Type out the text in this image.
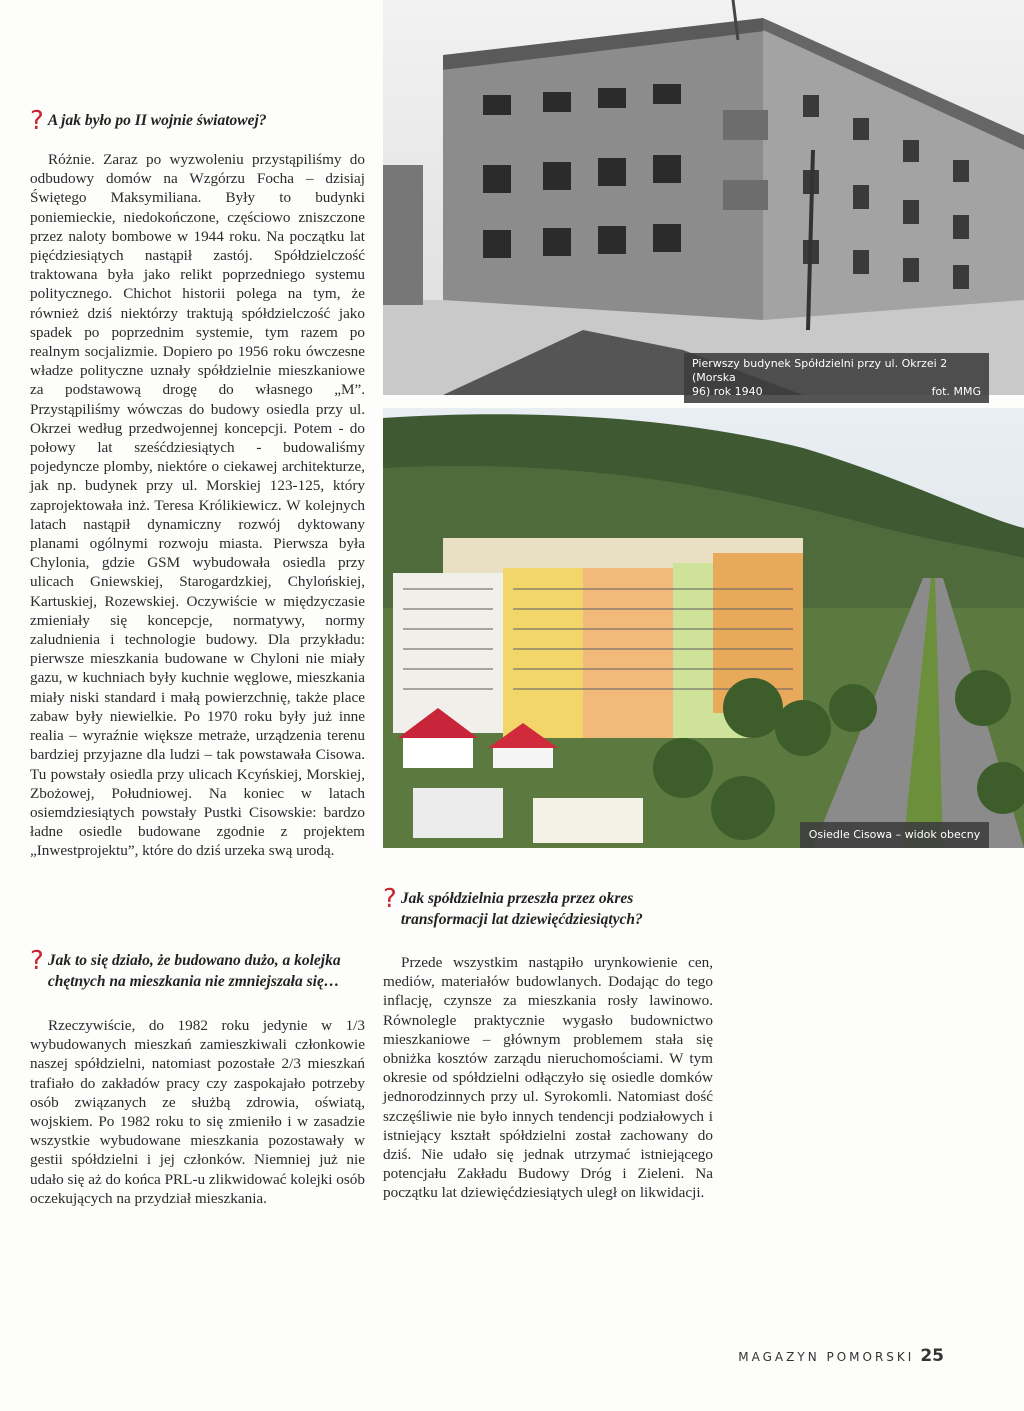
? A jak było po II wojnie światowej?

Różnie. Zaraz po wyzwoleniu przystąpiliśmy do odbudowy domów na Wzgórzu Focha – dzisiaj Świętego Maksymiliana. Były to budynki poniemieckie, niedokończone, częściowo zniszczone przez naloty bombowe w 1944 roku. Na początku lat pięćdziesiątych nastąpił zastój. Spółdzielczość traktowana była jako relikt poprzedniego systemu politycznego. Chichot historii polega na tym, że również dziś niektórzy traktują spółdzielczość jako spadek po poprzednim systemie, tym razem po realnym socjalizmie. Dopiero po 1956 roku ówczesne władze polityczne uznały spółdzielnie mieszkaniowe za podstawową drogę do własnego „M”. Przystąpiliśmy wówczas do budowy osiedla przy ul. Okrzei według przedwojennej koncepcji. Potem - do połowy lat sześćdziesiątych - budowaliśmy pojedyncze plomby, niektóre o ciekawej architekturze, jak np. budynek przy ul. Morskiej 123-125, który zaprojektowała inż. Teresa Królikiewicz. W kolejnych latach nastąpił dynamiczny rozwój dyktowany planami ogólnymi rozwoju miasta. Pierwsza była Chylonia, gdzie GSM wybudowała osiedla przy ulicach Gniewskiej, Starogardzkiej, Chylońskiej, Kartuskiej, Rozewskiej. Oczywiście w międzyczasie zmieniały się koncepcje, normatywy, normy zaludnienia i technologie budowy. Dla przykładu: pierwsze mieszkania budowane w Chyloni nie miały gazu, w kuchniach były kuchnie węglowe, mieszkania miały niski standard i małą powierzchnię, także place zabaw były niewielkie. Po 1970 roku były już inne realia – wyraźnie większe metraże, urządzenia terenu bardziej przyjazne dla ludzi – tak powstawała Cisowa. Tu powstały osiedla przy ulicach Kcyńskiej, Morskiej, Zbożowej, Południowej. Na koniec w latach osiemdziesiątych powstały Pustki Cisowskie: bardzo ładne osiedle budowane zgodnie z projektem „Inwestprojektu”, które do dziś urzeka swą urodą.

? Jak to się działo, że budowano dużo, a kolejka chętnych na mieszkania nie zmniejszała się…

Rzeczywiście, do 1982 roku jedynie w 1/3 wybudowanych mieszkań zamieszkiwali członkowie naszej spółdzielni, natomiast pozostałe 2/3 mieszkań trafiało do zakładów pracy czy zaspokajało potrzeby osób związanych ze służbą zdrowia, oświatą, wojskiem. Po 1982 roku to się zmieniło i w zasadzie wszystkie wybudowane mieszkania pozostawały w gestii spółdzielni i jej członków. Niemniej już nie udało się aż do końca PRL-u zlikwidować kolejki osób oczekujących na przydział mieszkania.

Pierwszy budynek Spółdzielni przy ul. Okrzei 2 (Morska
96) rok 1940	fot. MMG
Osiedle Cisowa – widok obecny
? Jak spółdzielnia przeszła przez okres transformacji lat dziewięćdziesiątych?

Przede wszystkim nastąpiło urynkowienie cen, mediów, materiałów budowlanych. Dodając do tego inflację, czynsze za mieszkania rosły lawinowo. Równolegle praktycznie wygasło budownictwo mieszkaniowe – głównym problemem stała się obniżka kosztów zarządu nieruchomościami. W tym okresie od spółdzielni odłączyło się osiedle domków jednorodzinnych przy ul. Syrokomli. Natomiast dość szczęśliwie nie było innych tendencji podziałowych i istniejący kształt spółdzielni został zachowany do dziś. Nie udało się jednak utrzymać istniejącego potencjału Zakładu Budowy Dróg i Zieleni. Na początku lat dziewięćdziesiątych uległ on likwidacji.

MAGAZYN POMORSKI 25
